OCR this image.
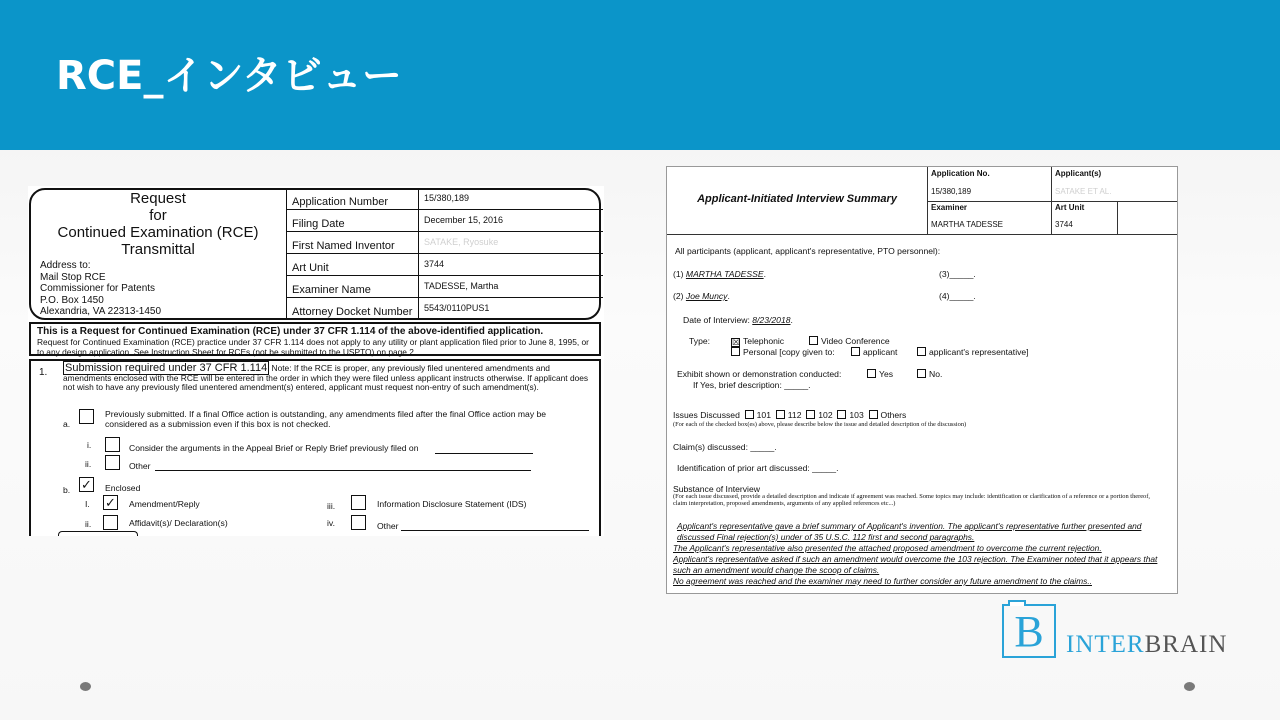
RCE_インタビュー
Request
for
Continued Examination (RCE)
Transmittal
Address to:
Mail Stop RCE
Commissioner for Patents
P.O. Box 1450
Alexandria, VA 22313-1450
Application Number	15/380,189
Filing Date	December 15, 2016
First Named Inventor	SATAKE, Ryosuke
Art Unit	3744
Examiner Name	TADESSE, Martha
Attorney Docket Number	5543/0110PUS1
This is a Request for Continued Examination (RCE) under 37 CFR 1.114 of the above-identified application.
Request for Continued Examination (RCE) practice under 37 CFR 1.114 does not apply to any utility or plant application filed prior to June 8, 1995, or to any design application. See Instruction Sheet for RCEs (not be submitted to the USPTO) on page 2.
1. Submission required under 37 CFR 1.114 Note: If the RCE is proper, any previously filed unentered amendments and amendments enclosed with the RCE will be entered in the order in which they were filed unless applicant instructs otherwise. If applicant does not wish to have any previously filed unentered amendment(s) entered, applicant must request non-entry of such amendment(s).
a.
Previously submitted. If a final Office action is outstanding, any amendments filed after the final Office action may be considered as a submission even if this box is not checked.
i.	Consider the arguments in the Appeal Brief or Reply Brief previously filed on
ii.	Other
b. ✓ Enclosed
I. ✓ Amendment/Reply
ii.	Affidavit(s)/ Declaration(s)
iii.	Information Disclosure Statement (IDS)
iv.	Other
Applicant-Initiated Interview Summary
Application No.
15/380,189
Applicant(s)
SATAKE ET AL.
Examiner
MARTHA TADESSE
Art Unit
3744
All participants (applicant, applicant's representative, PTO personnel):
(1) MARTHA TADESSE.	(3)_____.
(2) Joe Muncy.	(4)_____.
Date of Interview: 8/23/2018.
Type: ☒ Telephonic	Video Conference
Personal [copy given to:	applicant	applicant's representative]
Exhibit shown or demonstration conducted:	Yes	No.
If Yes, brief description: _____.
Issues Discussed 101 112 102 103 Others
(For each of the checked box(es) above, please describe below the issue and detailed description of the discussion)
Claim(s) discussed: _____.
Identification of prior art discussed: _____.
Substance of Interview
(For each issue discussed, provide a detailed description and indicate if agreement was reached. Some topics may include: identification or clarification of a reference or a portion thereof, claim interpretation, proposed amendments, arguments of any applied references etc...)
Applicant's representative gave a brief summary of Applicant's invention. The applicant's representative further presented and discussed Final rejection(s) under of 35 U.S.C. 112 first and second paragraphs.
The Applicant's representative also presented the attached proposed amendment to overcome the current rejection.
Applicant's representative asked if such an amendment would overcome the 103 rejection. The Examiner noted that it appears that such an amendment would change the scoop of claims.
No agreement was reached and the examiner may need to further consider any future amendment to the claims..
B INTERBRAIN
